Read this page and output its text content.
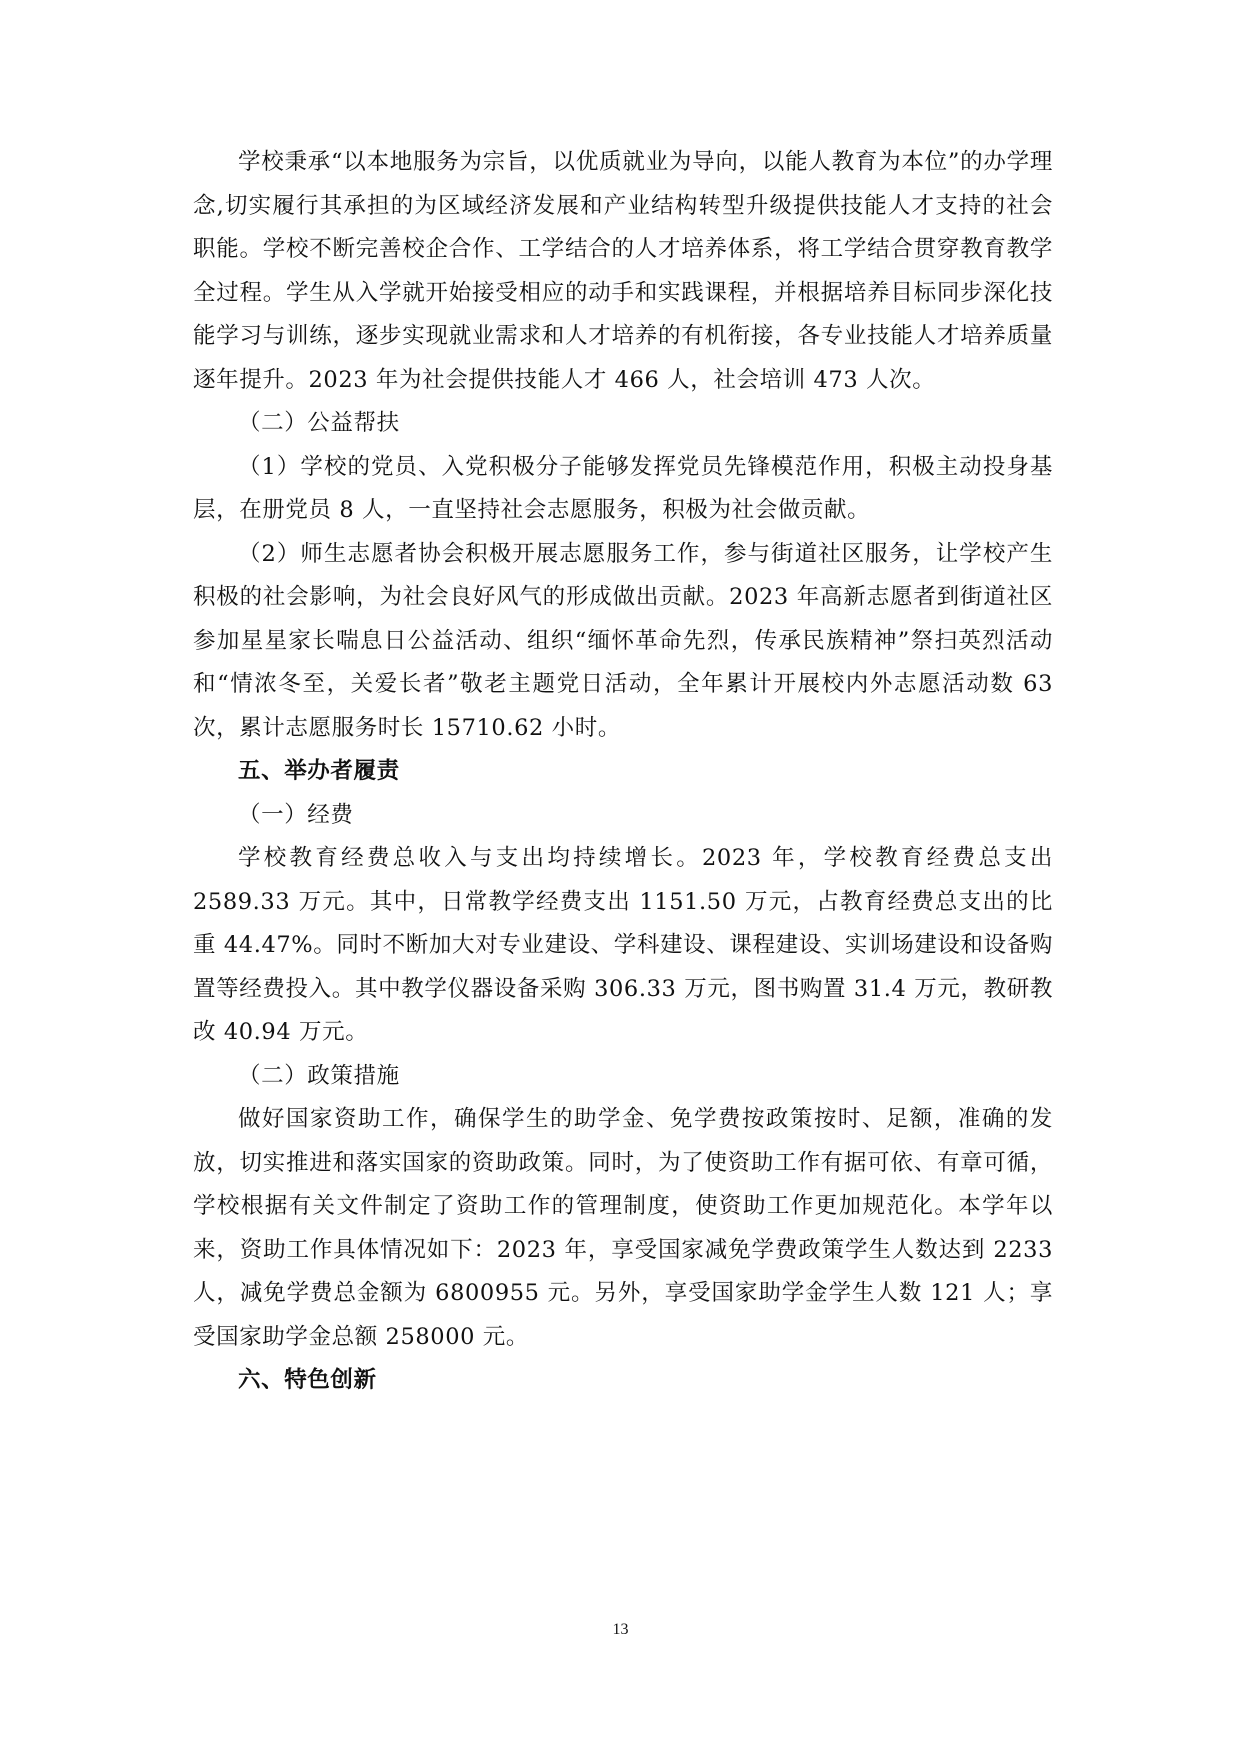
学校秉承“以本地服务为宗旨，以优质就业为导向，以能人教育为本位”的办学理念,切实履行其承担的为区域经济发展和产业结构转型升级提供技能人才支持的社会职能。学校不断完善校企合作、工学结合的人才培养体系，将工学结合贯穿教育教学全过程。学生从入学就开始接受相应的动手和实践课程，并根据培养目标同步深化技能学习与训练，逐步实现就业需求和人才培养的有机衔接，各专业技能人才培养质量逐年提升。2023 年为社会提供技能人才 466 人，社会培训 473 人次。

（二）公益帮扶

（1）学校的党员、入党积极分子能够发挥党员先锋模范作用，积极主动投身基层，在册党员 8 人，一直坚持社会志愿服务，积极为社会做贡献。

（2）师生志愿者协会积极开展志愿服务工作，参与街道社区服务，让学校产生积极的社会影响，为社会良好风气的形成做出贡献。2023 年高新志愿者到街道社区参加星星家长喘息日公益活动、组织“缅怀革命先烈，传承民族精神”祭扫英烈活动和“情浓冬至，关爱长者”敬老主题党日活动，全年累计开展校内外志愿活动数 63 次，累计志愿服务时长 15710.62 小时。

五、举办者履责

（一）经费

学校教育经费总收入与支出均持续增长。2023 年，学校教育经费总支出 2589.33 万元。其中，日常教学经费支出 1151.50 万元，占教育经费总支出的比重 44.47%。同时不断加大对专业建设、学科建设、课程建设、实训场建设和设备购置等经费投入。其中教学仪器设备采购 306.33 万元，图书购置 31.4 万元，教研教改 40.94 万元。

（二）政策措施

做好国家资助工作，确保学生的助学金、免学费按政策按时、足额，准确的发放，切实推进和落实国家的资助政策。同时，为了使资助工作有据可依、有章可循，学校根据有关文件制定了资助工作的管理制度，使资助工作更加规范化。本学年以来，资助工作具体情况如下：2023 年，享受国家减免学费政策学生人数达到 2233 人，减免学费总金额为 6800955 元。另外，享受国家助学金学生人数 121 人；享受国家助学金总额 258000 元。

六、特色创新

13
